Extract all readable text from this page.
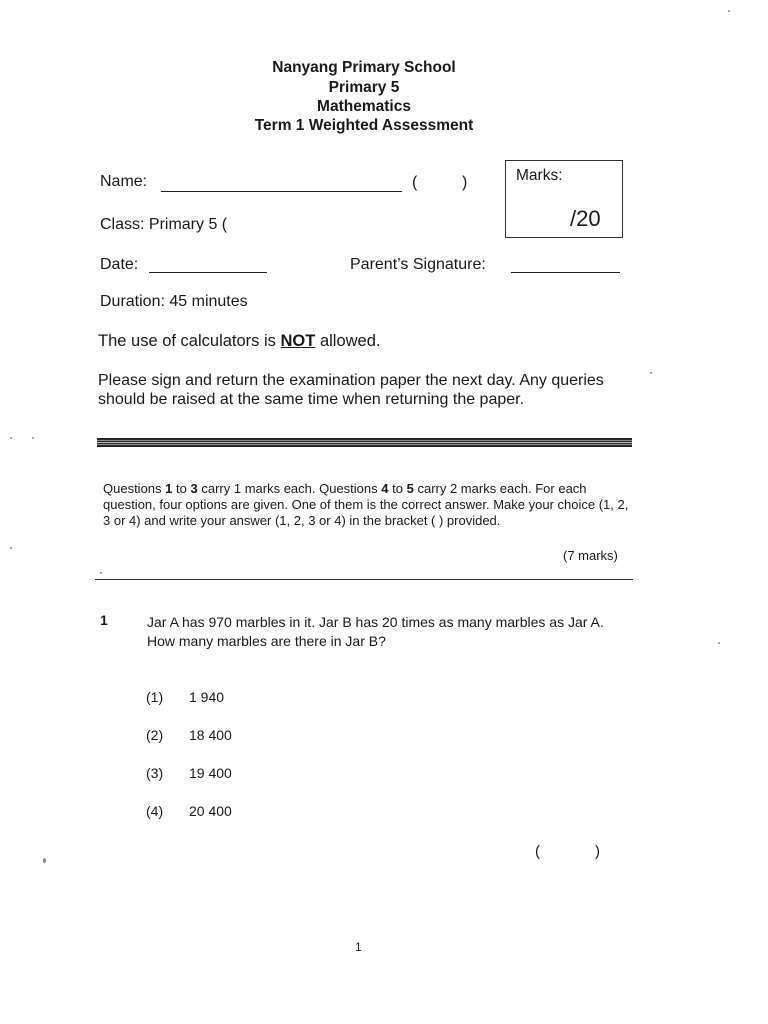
Nanyang Primary School
Primary 5
Mathematics
Term 1 Weighted Assessment
Name:	(	)	Marks:
/20
Class: Primary 5 (
Date:	Parent’s Signature:
Duration: 45 minutes
The use of calculators is NOT allowed.
Please sign and return the examination paper the next day. Any queries should be raised at the same time when returning the paper.
Questions 1 to 3 carry 1 marks each. Questions 4 to 5 carry 2 marks each. For each question, four options are given. One of them is the correct answer. Make your choice (1, 2, 3 or 4) and write your answer (1, 2, 3 or 4) in the bracket ( ) provided.
(7 marks)
1	Jar A has 970 marbles in it. Jar B has 20 times as many marbles as Jar A. How many marbles are there in Jar B?
(1)	1 940
(2)	18 400
(3)	19 400
(4)	20 400
(	)
1
